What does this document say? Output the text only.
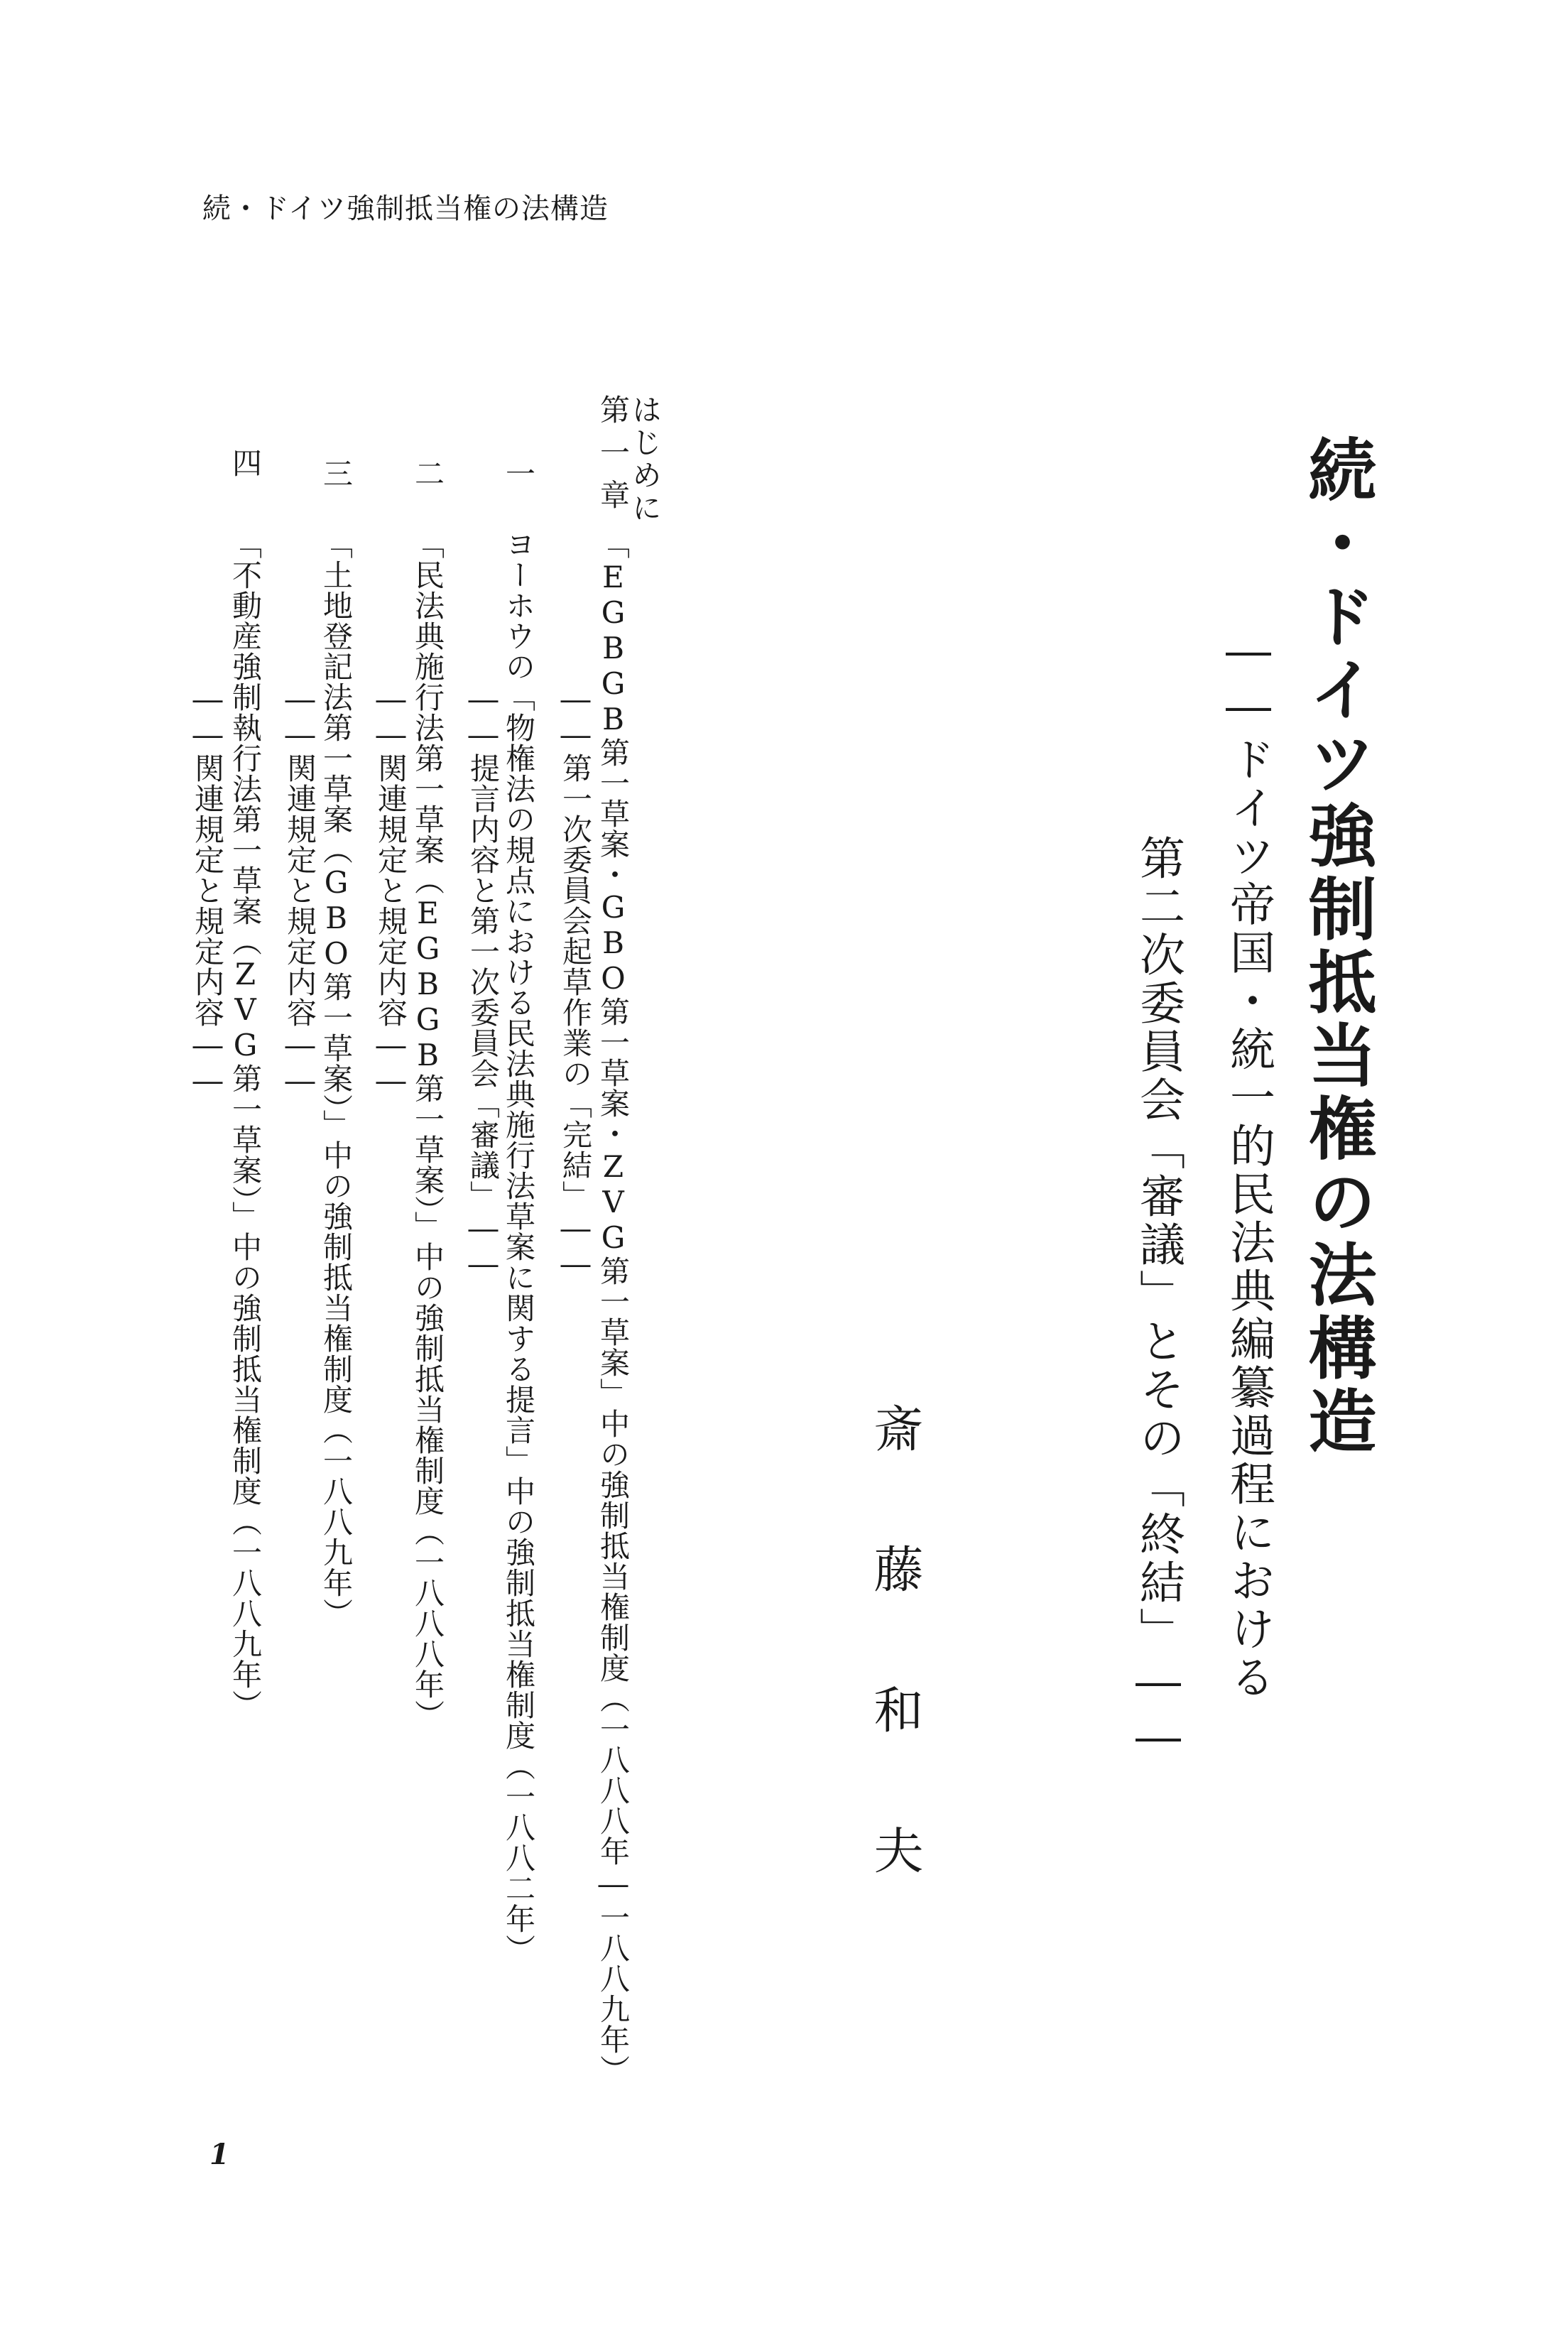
続・ドイツ強制抵当権の法構造
続・ドイツ強制抵当権の法構造
――ドイツ帝国・統一的民法典編纂過程における
第二次委員会「審議」とその「終結」――
斎藤和夫
はじめに
第一章
「EGBGB第一草案・GBO第一草案・ZVG第一草案」中の強制抵当権制度（一八八八年―一八八九年）
――第一次委員会起草作業の「完結」――
一
ヨーホウの「物権法の規点における民法典施行法草案に関する提言」中の強制抵当権制度（一八八二年）
――提言内容と第一次委員会「審議」――
二
「民法典施行法第一草案（EGBGB第一草案）」中の強制抵当権制度（一八八八年）
――関連規定と規定内容――
三
「土地登記法第一草案（GBO第一草案）」中の強制抵当権制度（一八八九年）
――関連規定と規定内容――
四
「不動産強制執行法第一草案（ZVG第一草案）」中の強制抵当権制度（一八八九年）
――関連規定と規定内容――
1
